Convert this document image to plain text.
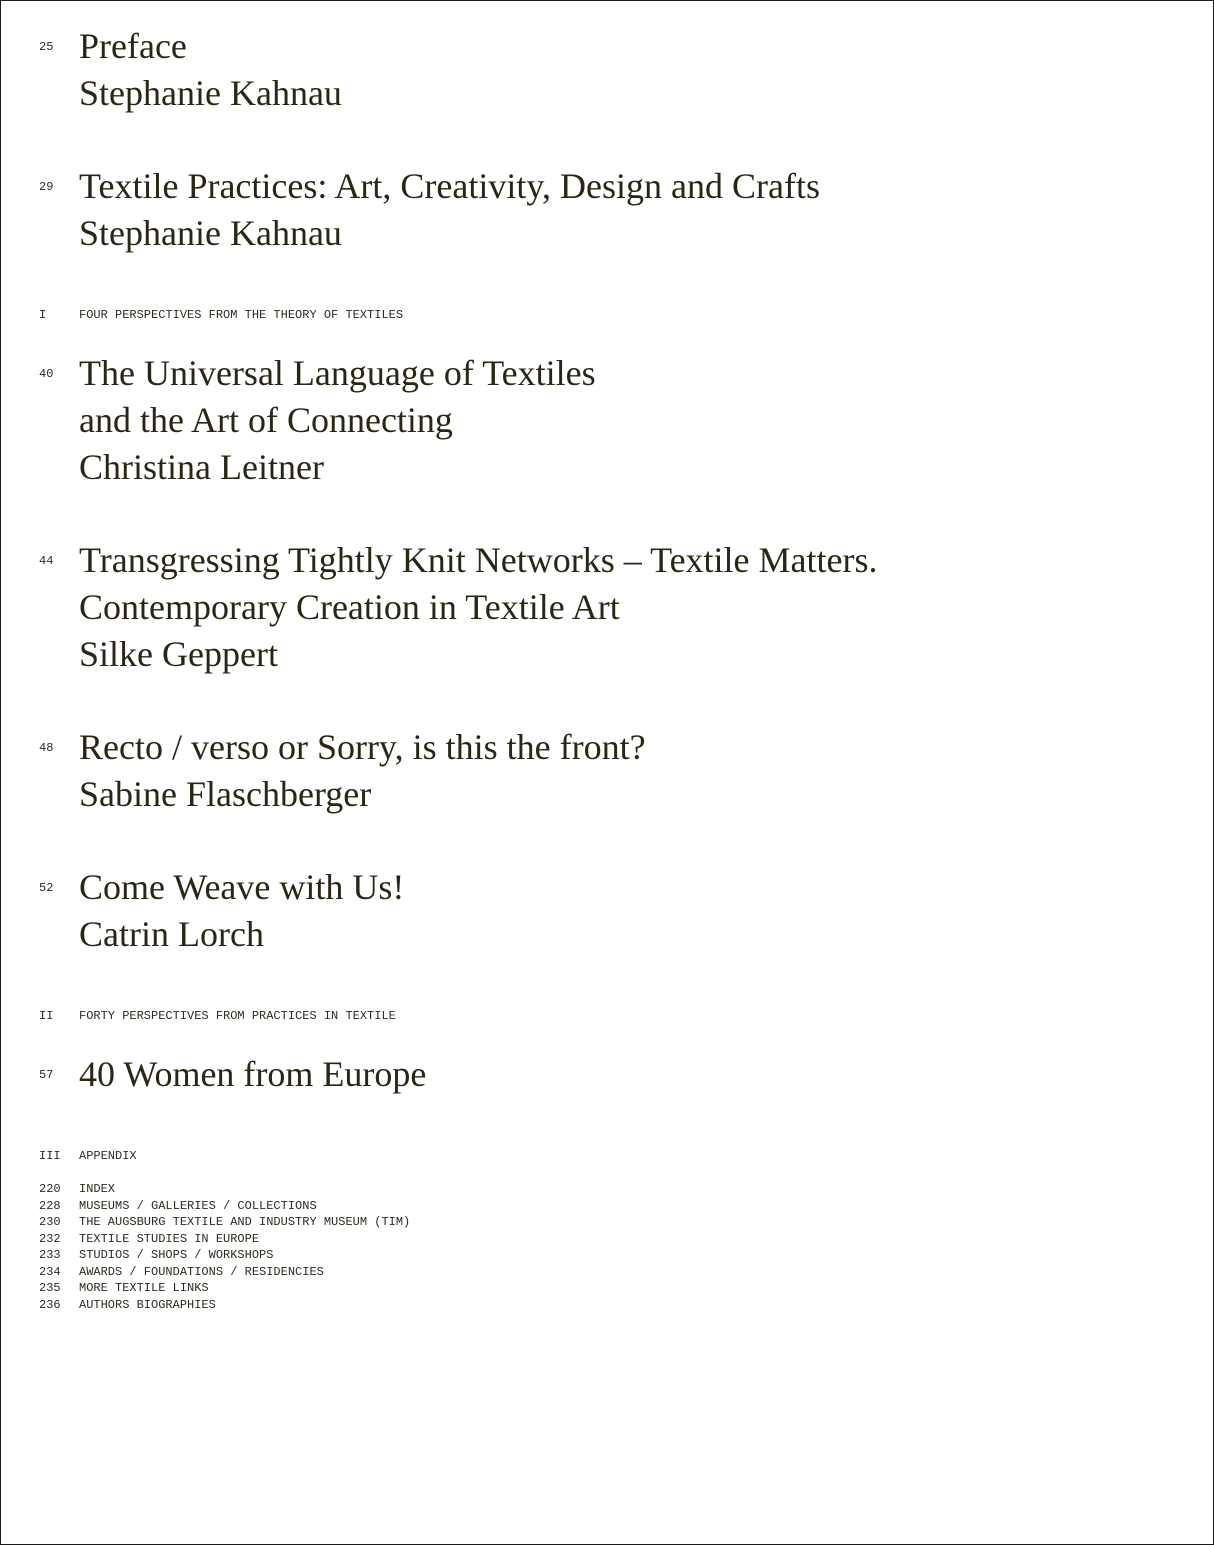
25 Preface
Stephanie Kahnau
29 Textile Practices: Art, Creativity, Design and Crafts
Stephanie Kahnau
I	FOUR PERSPECTIVES FROM THE THEORY OF TEXTILES
40 The Universal Language of Textiles
and the Art of Connecting
Christina Leitner
44 Transgressing Tightly Knit Networks – Textile Matters.
Contemporary Creation in Textile Art
Silke Geppert
48 Recto / verso or Sorry, is this the front?
Sabine Flaschberger
52 Come Weave with Us!
Catrin Lorch
II FORTY PERSPECTIVES FROM PRACTICES IN TEXTILE
57 40 Women from Europe
III APPENDIX
220 INDEX
228 MUSEUMS / GALLERIES / COLLECTIONS
230 THE AUGSBURG TEXTILE AND INDUSTRY MUSEUM (TIM)
232 TEXTILE STUDIES IN EUROPE
233 STUDIOS / SHOPS / WORKSHOPS
234 AWARDS / FOUNDATIONS / RESIDENCIES
235 MORE TEXTILE LINKS
236 AUTHORS BIOGRAPHIES
